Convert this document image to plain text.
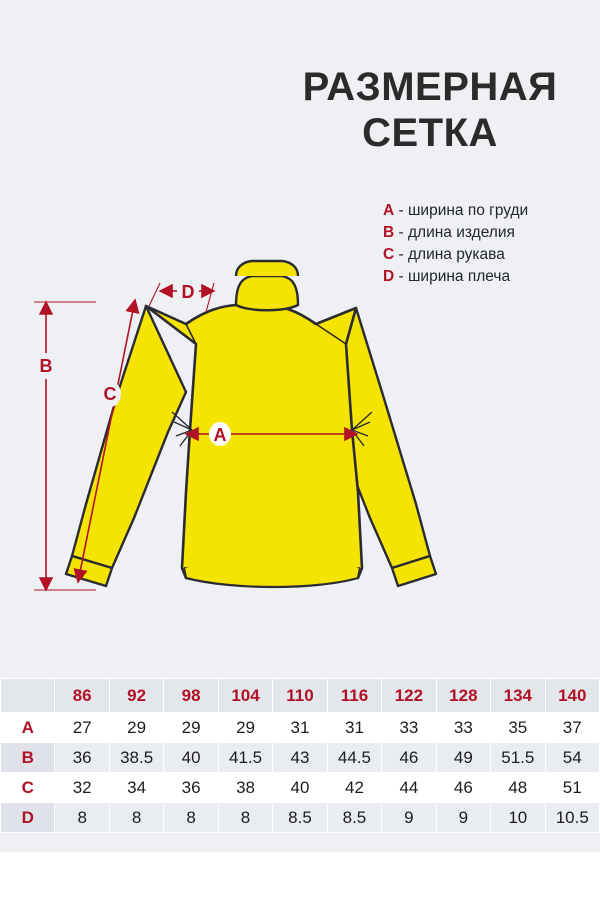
РАЗМЕРНАЯ
СЕТКА
A - ширина по груди
B - длина изделия
C - длина рукава
D - ширина плеча
B
C
D
A
	86	92	98	104	110	116	122	128	134	140
A	27	29	29	29	31	31	33	33	35	37
B	36	38.5	40	41.5	43	44.5	46	49	51.5	54
C	32	34	36	38	40	42	44	46	48	51
D	8	8	8	8	8.5	8.5	9	9	10	10.5
